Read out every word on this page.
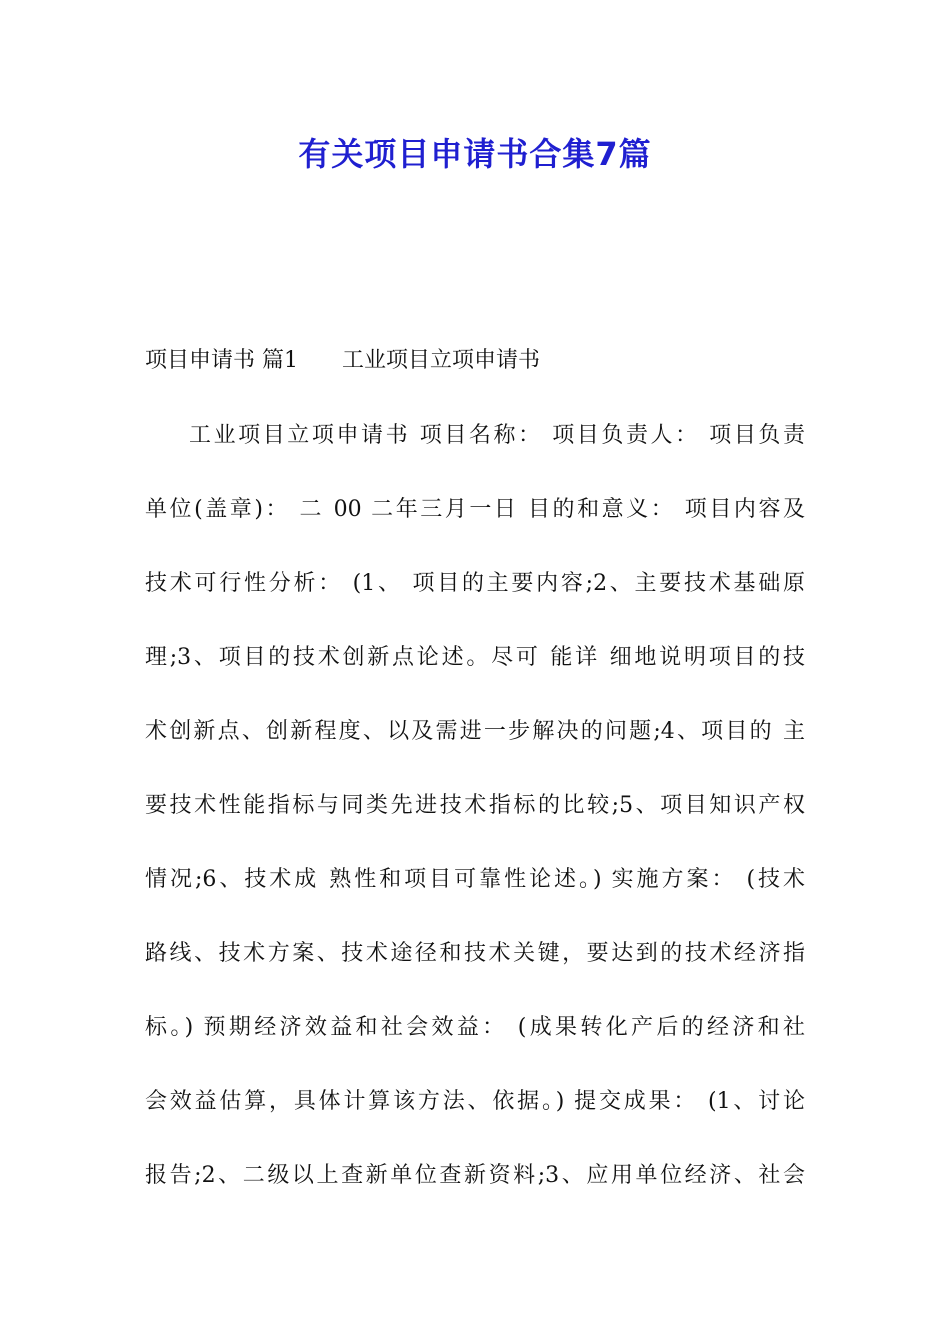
有关项目申请书合集7篇
项目申请书 篇1 工业项目立项申请书
工业项目立项申请书 项目名称： 项目负责人： 项目负责
单位(盖章)： 二 00 二年三月一日 目的和意义： 项目内容及
技术可行性分析： (1、 项目的主要内容;2、主要技术基础原
理;3、项目的技术创新点论述。尽可 能详 细地说明项目的技
术创新点、创新程度、以及需进一步解决的问题;4、项目的 主
要技术性能指标与同类先进技术指标的比较;5、项目知识产权
情况;6、技术成 熟性和项目可靠性论述。) 实施方案： (技术
路线、技术方案、技术途径和技术关键，要达到的技术经济指
标。) 预期经济效益和社会效益： (成果转化产后的经济和社
会效益估算，具体计算该方法、依据。) 提交成果： (1、讨论
报告;2、二级以上查新单位查新资料;3、应用单位经济、社会
